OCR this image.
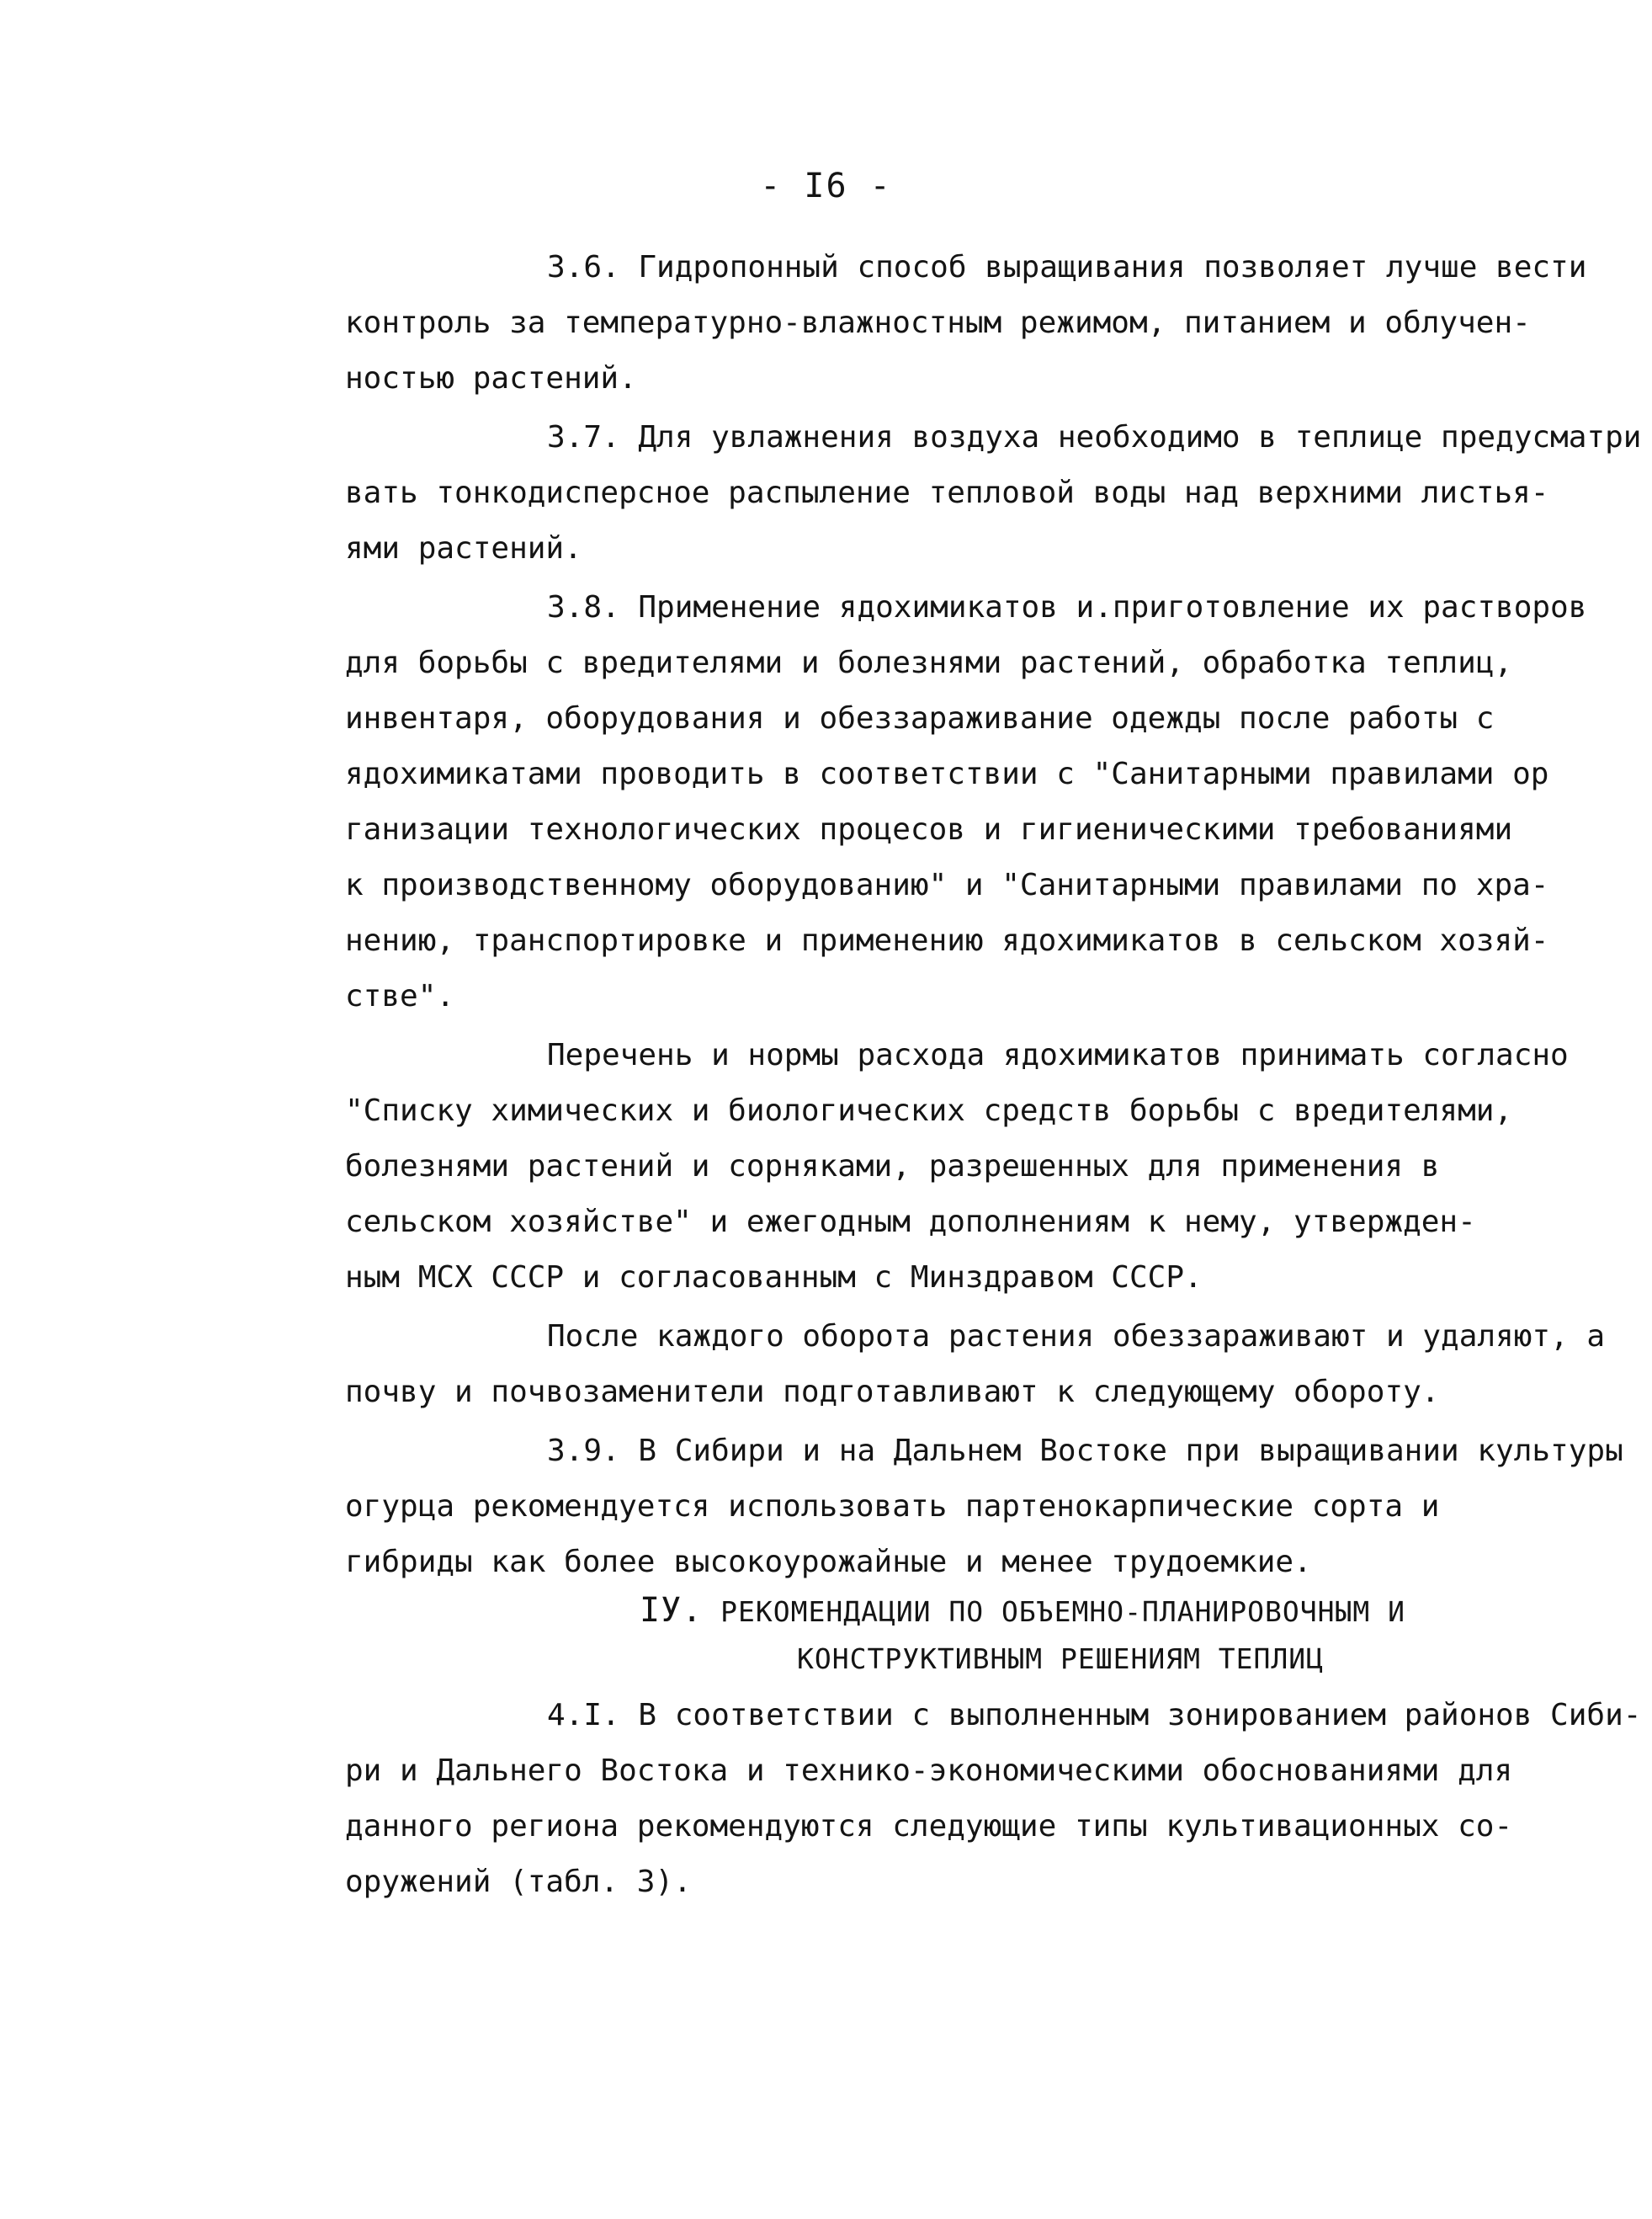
- I6 -
3.6. Гидропонный способ выращивания позволяет лучше вести
контроль за температурно-влажностным режимом, питанием и облучен-
ностью растений.
3.7. Для увлажнения воздуха необходимо в теплице предусматри
вать тонкодисперсное распыление тепловой воды над верхними листья-
ями растений.
3.8. Применение ядохимикатов и.приготовление их растворов
для борьбы с вредителями и болезнями растений, обработка теплиц,
инвентаря, оборудования и обеззараживание одежды после работы с
ядохимикатами проводить в соответствии с "Санитарными правилами ор
ганизации технологических процесов и гигиеническими требованиями
к производственному оборудованию" и "Санитарными правилами по хра-
нению, транспортировке и применению ядохимикатов в сельском хозяй-
стве".
Перечень и нормы расхода ядохимикатов принимать согласно
"Списку химических и биологических средств борьбы с вредителями,
болезнями растений и сорняками, разрешенных для применения в
сельском хозяйстве" и ежегодным дополнениям к нему, утвержден-
ным МСХ СССР и согласованным с Минздравом СССР.
После каждого оборота растения обеззараживают и удаляют, а
почву и почвозаменители подготавливают к следующему обороту.
3.9. В Сибири и на Дальнем Востоке при выращивании культуры
огурца рекомендуется использовать партенокарпические сорта и
гибриды как более высокоурожайные и менее трудоемкие.
IУ. РЕКОМЕНДАЦИИ ПО ОБЪЕМНО-ПЛАНИРОВОЧНЫМ И
КОНСТРУКТИВНЫМ РЕШЕНИЯМ ТЕПЛИЦ
4.I. В соответствии с выполненным зонированием районов Сиби-
ри и Дальнего Востока и технико-экономическими обоснованиями для
данного региона рекомендуются следующие типы культивационных со-
оружений (табл. 3).
